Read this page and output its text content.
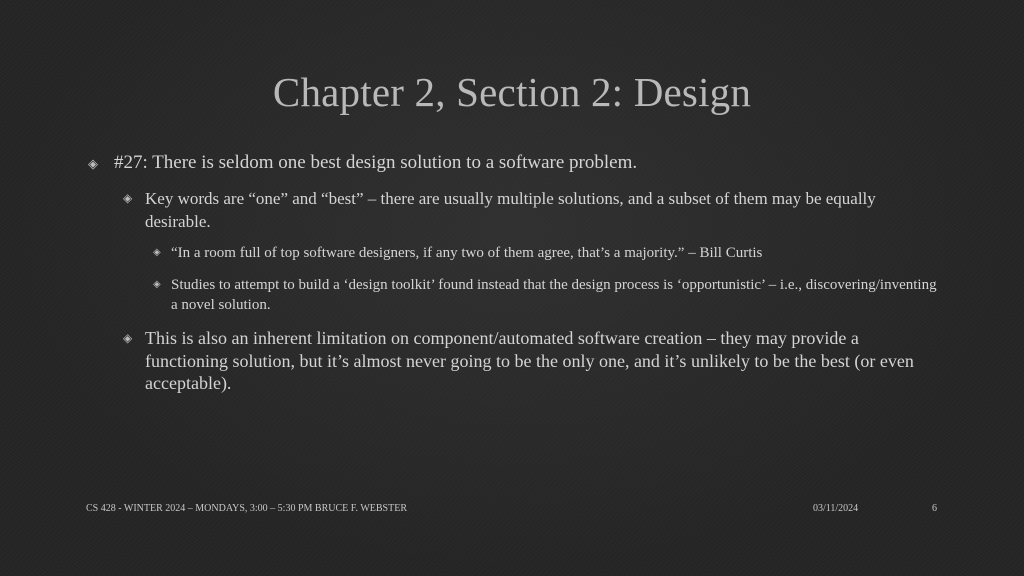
Chapter 2, Section 2: Design
◈ #27: There is seldom one best design solution to a software problem.
◈ Key words are “one” and “best” – there are usually multiple solutions, and a subset of them may be equally desirable.
◈ “In a room full of top software designers, if any two of them agree, that’s a majority.” – Bill Curtis
◈ Studies to attempt to build a ‘design toolkit’ found instead that the design process is ‘opportunistic’ – i.e., discovering/inventing a novel solution.
◈ This is also an inherent limitation on component/automated software creation – they may provide a functioning solution, but it’s almost never going to be the only one, and it’s unlikely to be the best (or even acceptable).
CS 428 - WINTER 2024 – MONDAYS, 3:00 – 5:30 PM BRUCE F. WEBSTER	03/11/2024	6
